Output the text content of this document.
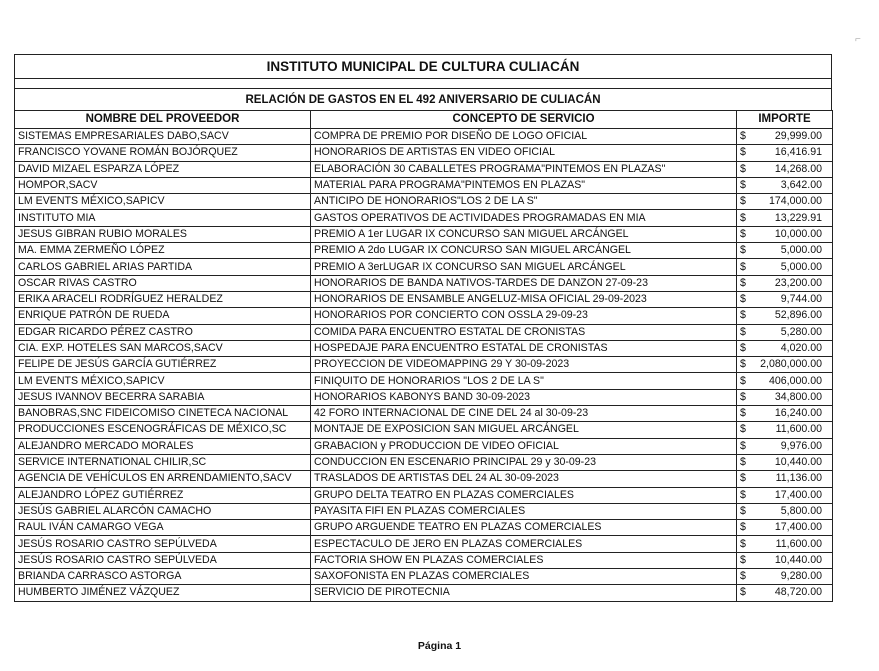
⌐
INSTITUTO MUNICIPAL DE CULTURA CULIACÁN
RELACIÓN DE GASTOS EN EL 492 ANIVERSARIO DE CULIACÁN
NOMBRE DEL PROVEEDOR	CONCEPTO DE SERVICIO	IMPORTE	
SISTEMAS EMPRESARIALES DABO,SACV	COMPRA DE PREMIO POR DISEÑO DE LOGO OFICIAL	$	29,999.00
FRANCISCO YOVANE ROMÁN BOJÓRQUEZ	HONORARIOS DE ARTISTAS EN VIDEO OFICIAL	$	16,416.91
DAVID MIZAEL ESPARZA LÓPEZ	ELABORACIÓN 30 CABALLETES PROGRAMA"PINTEMOS EN PLAZAS"	$	14,268.00
HOMPOR,SACV	MATERIAL PARA PROGRAMA"PINTEMOS EN PLAZAS"	$	3,642.00
LM EVENTS MÉXICO,SAPICV	ANTICIPO DE HONORARIOS"LOS 2 DE LA S"	$	174,000.00
INSTITUTO MIA	GASTOS OPERATIVOS DE ACTIVIDADES PROGRAMADAS EN MIA	$	13,229.91
JESUS GIBRAN RUBIO MORALES	PREMIO A 1er LUGAR IX CONCURSO SAN MIGUEL ARCÁNGEL	$	10,000.00
MA. EMMA ZERMEÑO LÓPEZ	PREMIO A 2do LUGAR IX CONCURSO SAN MIGUEL ARCÁNGEL	$	5,000.00
CARLOS GABRIEL ARIAS PARTIDA	PREMIO A 3erLUGAR IX CONCURSO SAN MIGUEL ARCÁNGEL	$	5,000.00
OSCAR RIVAS CASTRO	HONORARIOS DE BANDA NATIVOS-TARDES DE DANZON 27-09-23	$	23,200.00
ERIKA ARACELI RODRÍGUEZ HERALDEZ	HONORARIOS DE ENSAMBLE ANGELUZ-MISA OFICIAL 29-09-2023	$	9,744.00
ENRIQUE PATRÓN DE RUEDA	HONORARIOS POR CONCIERTO CON OSSLA 29-09-23	$	52,896.00
EDGAR RICARDO PÉREZ CASTRO	COMIDA PARA ENCUENTRO ESTATAL DE CRONISTAS	$	5,280.00
CIA. EXP. HOTELES SAN MARCOS,SACV	HOSPEDAJE PARA ENCUENTRO ESTATAL DE CRONISTAS	$	4,020.00
FELIPE DE JESÚS GARCÍA GUTIÉRREZ	PROYECCION DE VIDEOMAPPING 29 Y 30-09-2023	$	2,080,000.00
LM EVENTS MÉXICO,SAPICV	FINIQUITO DE HONORARIOS "LOS 2 DE LA S"	$	406,000.00
JESUS IVANNOV BECERRA SARABIA	HONORARIOS KABONYS BAND 30-09-2023	$	34,800.00
BANOBRAS,SNC FIDEICOMISO CINETECA NACIONAL	42 FORO INTERNACIONAL DE CINE DEL 24 al 30-09-23	$	16,240.00
PRODUCCIONES ESCENOGRÁFICAS DE MÉXICO,SC	MONTAJE DE EXPOSICION SAN MIGUEL ARCÁNGEL	$	11,600.00
ALEJANDRO MERCADO MORALES	GRABACION y PRODUCCION DE VIDEO OFICIAL	$	9,976.00
SERVICE INTERNATIONAL CHILIR,SC	CONDUCCION EN ESCENARIO PRINCIPAL 29 y 30-09-23	$	10,440.00
AGENCIA DE VEHÍCULOS EN ARRENDAMIENTO,SACV	TRASLADOS DE ARTISTAS DEL 24 AL 30-09-2023	$	11,136.00
ALEJANDRO LÓPEZ GUTIÉRREZ	GRUPO DELTA TEATRO EN PLAZAS COMERCIALES	$	17,400.00
JESÚS GABRIEL ALARCÓN CAMACHO	PAYASITA FIFI EN PLAZAS COMERCIALES	$	5,800.00
RAUL IVÁN CAMARGO VEGA	GRUPO ARGUENDE TEATRO EN PLAZAS COMERCIALES	$	17,400.00
JESÚS ROSARIO CASTRO SEPÚLVEDA	ESPECTACULO DE JERO EN PLAZAS COMERCIALES	$	11,600.00
JESÚS ROSARIO CASTRO SEPÚLVEDA	FACTORIA SHOW EN PLAZAS COMERCIALES	$	10,440.00
BRIANDA CARRASCO ASTORGA	SAXOFONISTA EN PLAZAS COMERCIALES	$	9,280.00
HUMBERTO JIMÉNEZ VÁZQUEZ	SERVICIO DE PIROTECNIA	$	48,720.00
Página 1
